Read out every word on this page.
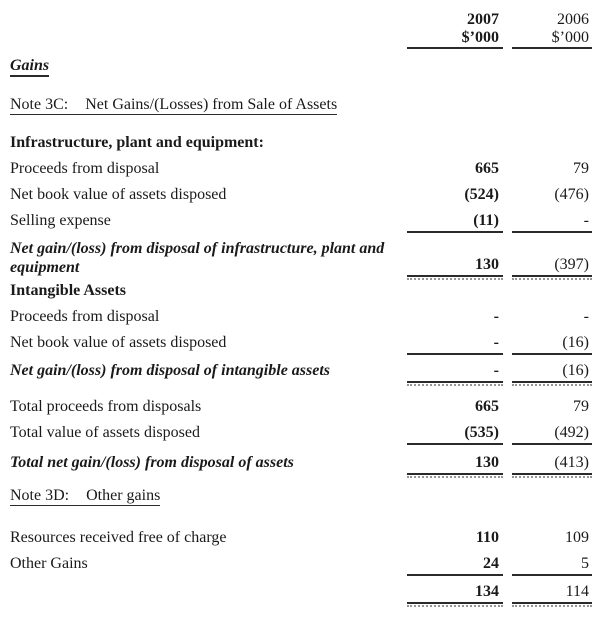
2007	2006
$’000	$’000
Gains
Note 3C: Net Gains/(Losses) from Sale of Assets
Infrastructure, plant and equipment:
Proceeds from disposal	665	79
Net book value of assets disposed	(524)	(476)
Selling expense	(11)	-
Net gain/(loss) from disposal of infrastructure, plant and equipment	130	(397)
Intangible Assets
Proceeds from disposal	-	-
Net book value of assets disposed	-	(16)
Net gain/(loss) from disposal of intangible assets	-	(16)
Total proceeds from disposals	665	79
Total value of assets disposed	(535)	(492)
Total net gain/(loss) from disposal of assets	130	(413)
Note 3D: Other gains
Resources received free of charge	110	109
Other Gains	24	5
134	114
